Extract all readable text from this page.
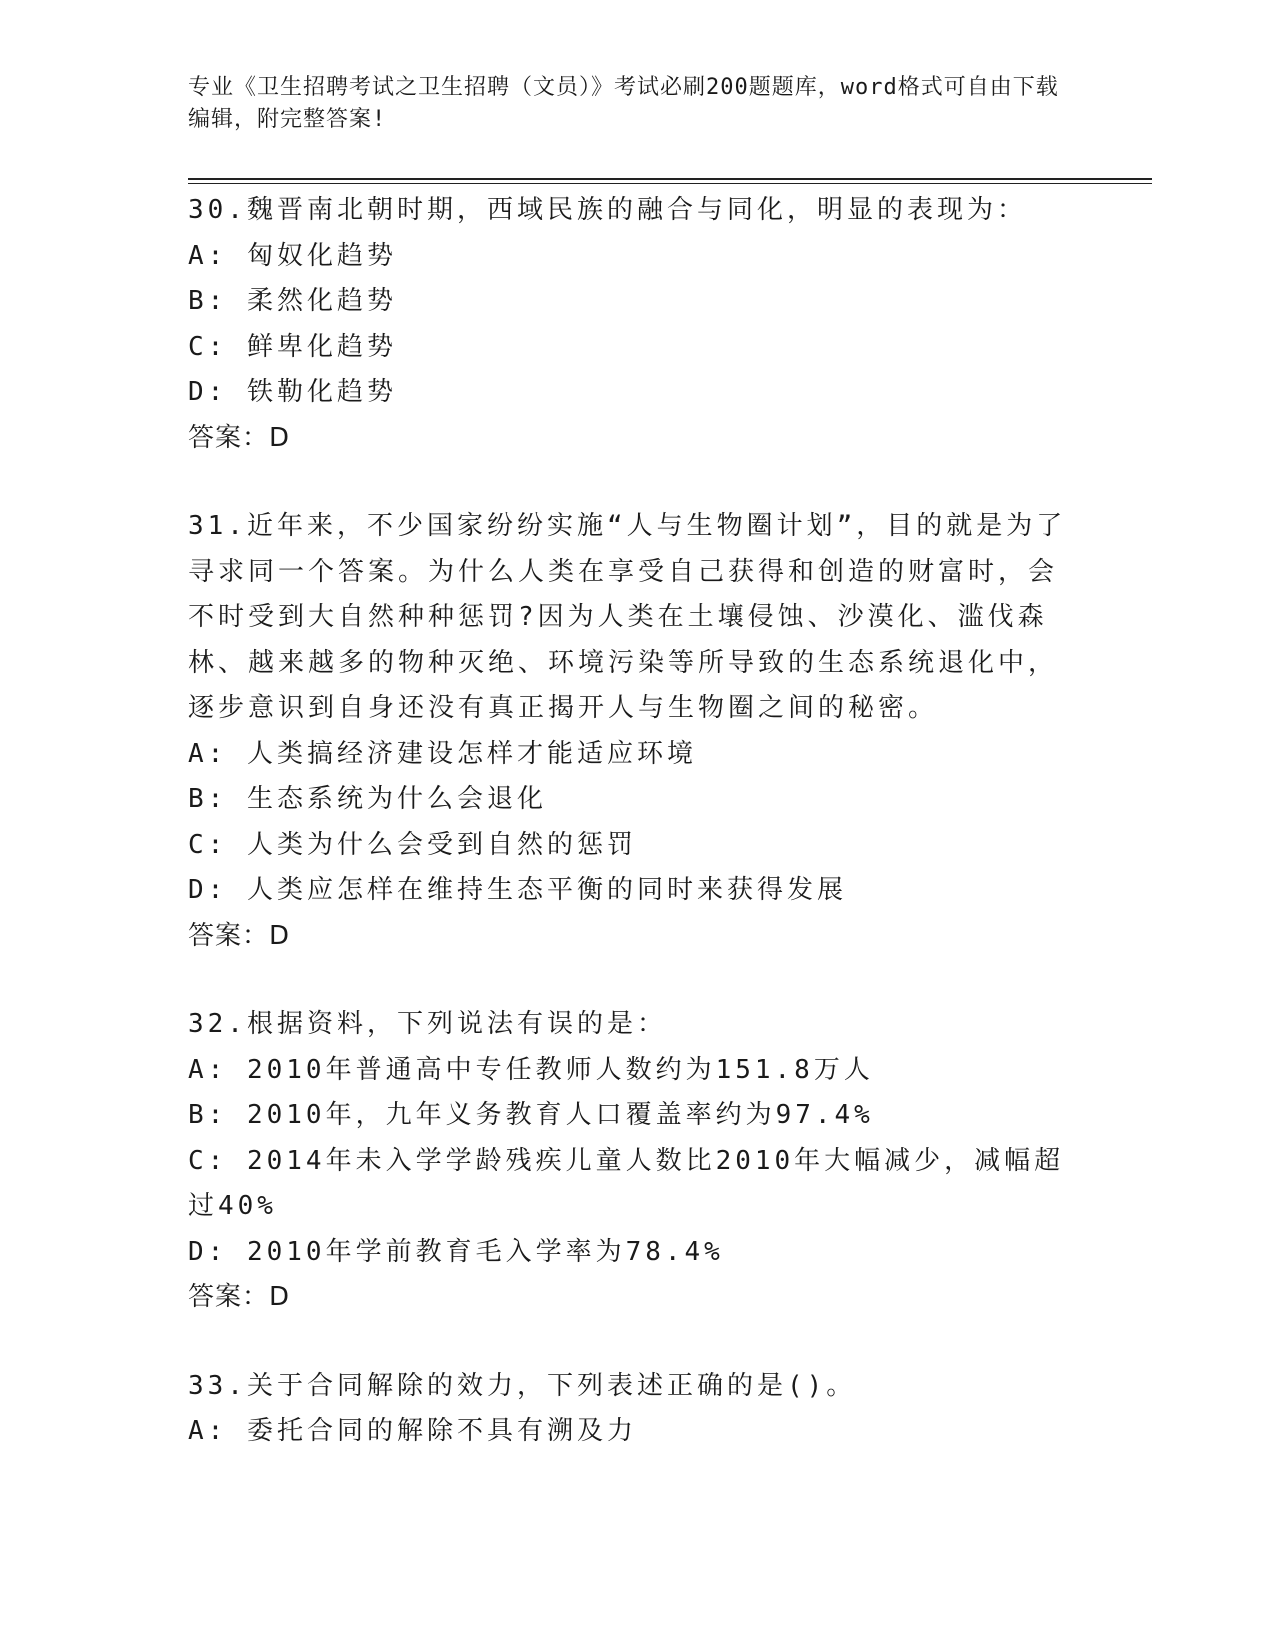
专业《卫生招聘考试之卫生招聘（文员）》考试必刷200题题库，word格式可自由下载编辑，附完整答案!
30.魏晋南北朝时期，西域民族的融合与同化，明显的表现为：
A: 匈奴化趋势
B: 柔然化趋势
C: 鲜卑化趋势
D: 铁勒化趋势
答案：D
31.近年来，不少国家纷纷实施“人与生物圈计划”，目的就是为了寻求同一个答案。为什么人类在享受自己获得和创造的财富时，会不时受到大自然种种惩罚?因为人类在土壤侵蚀、沙漠化、滥伐森林、越来越多的物种灭绝、环境污染等所导致的生态系统退化中，逐步意识到自身还没有真正揭开人与生物圈之间的秘密。
A: 人类搞经济建设怎样才能适应环境
B: 生态系统为什么会退化
C: 人类为什么会受到自然的惩罚
D: 人类应怎样在维持生态平衡的同时来获得发展
答案：D
32.根据资料，下列说法有误的是：
A: 2010年普通高中专任教师人数约为151.8万人
B: 2010年，九年义务教育人口覆盖率约为97.4%
C: 2014年未入学学龄残疾儿童人数比2010年大幅减少，减幅超过40%
D: 2010年学前教育毛入学率为78.4%
答案：D
33.关于合同解除的效力，下列表述正确的是()。
A: 委托合同的解除不具有溯及力
